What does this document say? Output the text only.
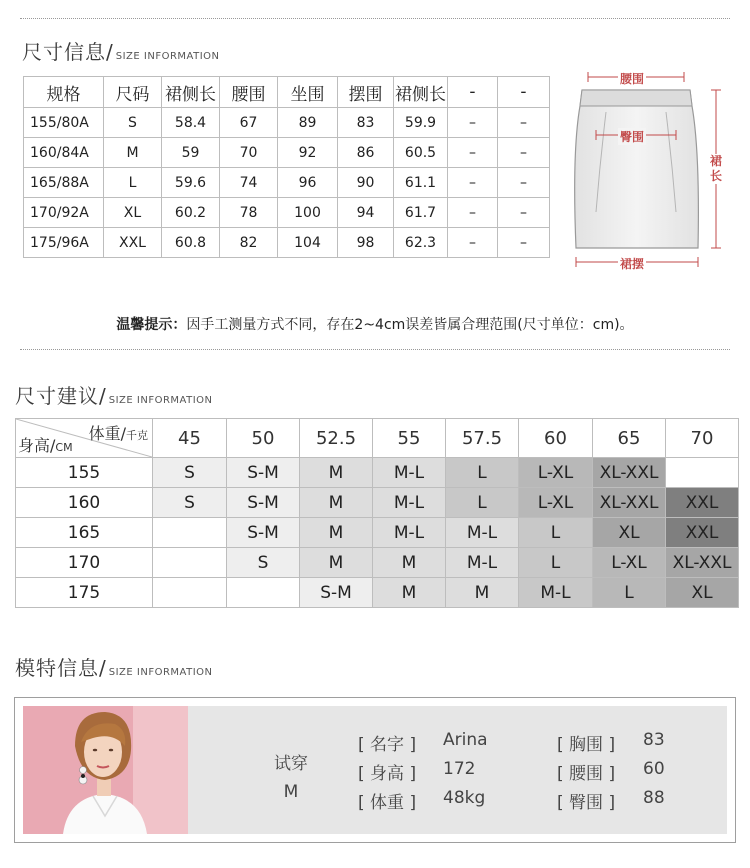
尺寸信息/ SIZE INFORMATION
规格	尺码	裙侧长	腰围	坐围	摆围	裙侧长	-	-
155/80A	S	58.4	67	89	83	59.9	–	–
160/84A	M	59	70	92	86	60.5	–	–
165/88A	L	59.6	74	96	90	61.1	–	–
170/92A	XL	60.2	78	100	94	61.7	–	–
175/96A	XXL	60.8	82	104	98	62.3	–	–
腰围
臀围
裙长
裙摆
温馨提示：因手工测量方式不同，存在2~4cm误差皆属合理范围(尺寸单位：cm)。
尺寸建议/ SIZE INFORMATION
体重/千克
身高/CM	45	50	52.5	55	57.5	60	65	70
155	S	S-M	M	M-L	L	L-XL	XL-XXL	
160	S	S-M	M	M-L	L	L-XL	XL-XXL	XXL
165		S-M	M	M-L	M-L	L	XL	XXL
170		S	M	M	M-L	L	L-XL	XL-XXL
175			S-M	M	M	M-L	L	XL
模特信息/ SIZE INFORMATION
试穿
M
[ 名字 ] Arina
[ 身高 ] 172
[ 体重 ] 48kg
[ 胸围 ] 83
[ 腰围 ] 60
[ 臀围 ] 88
